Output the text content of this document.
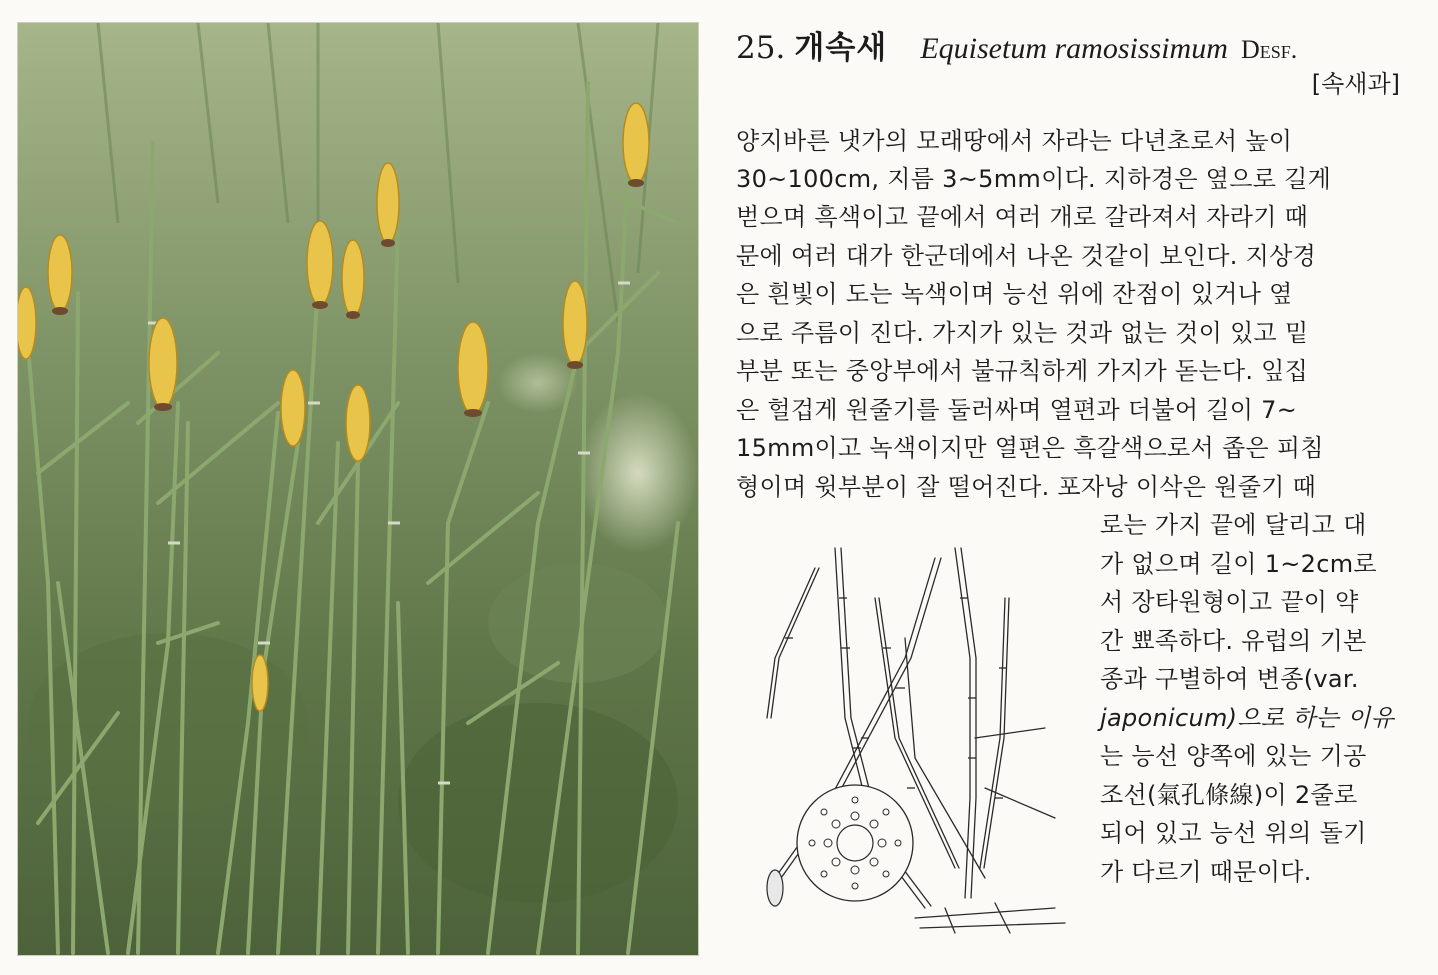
25. 개속새 Equisetum ramosissimum Desf.
[속새과]
양지바른 냇가의 모래땅에서 자라는 다년초로서 높이
30~100cm, 지름 3~5mm이다. 지하경은 옆으로 길게
벋으며 흑색이고 끝에서 여러 개로 갈라져서 자라기 때
문에 여러 대가 한군데에서 나온 것같이 보인다. 지상경
은 흰빛이 도는 녹색이며 능선 위에 잔점이 있거나 옆
으로 주름이 진다. 가지가 있는 것과 없는 것이 있고 밑
부분 또는 중앙부에서 불규칙하게 가지가 돋는다. 잎집
은 헐겁게 원줄기를 둘러싸며 열편과 더불어 길이 7~
15mm이고 녹색이지만 열편은 흑갈색으로서 좁은 피침
형이며 윗부분이 잘 떨어진다. 포자낭 이삭은 원줄기 때
로는 가지 끝에 달리고 대
가 없으며 길이 1~2cm로
서 장타원형이고 끝이 약
간 뾰족하다. 유럽의 기본
종과 구별하여 변종(var.
japonicum)으로 하는 이유
는 능선 양쪽에 있는 기공
조선(氣孔條線)이 2줄로
되어 있고 능선 위의 돌기
가 다르기 때문이다.
